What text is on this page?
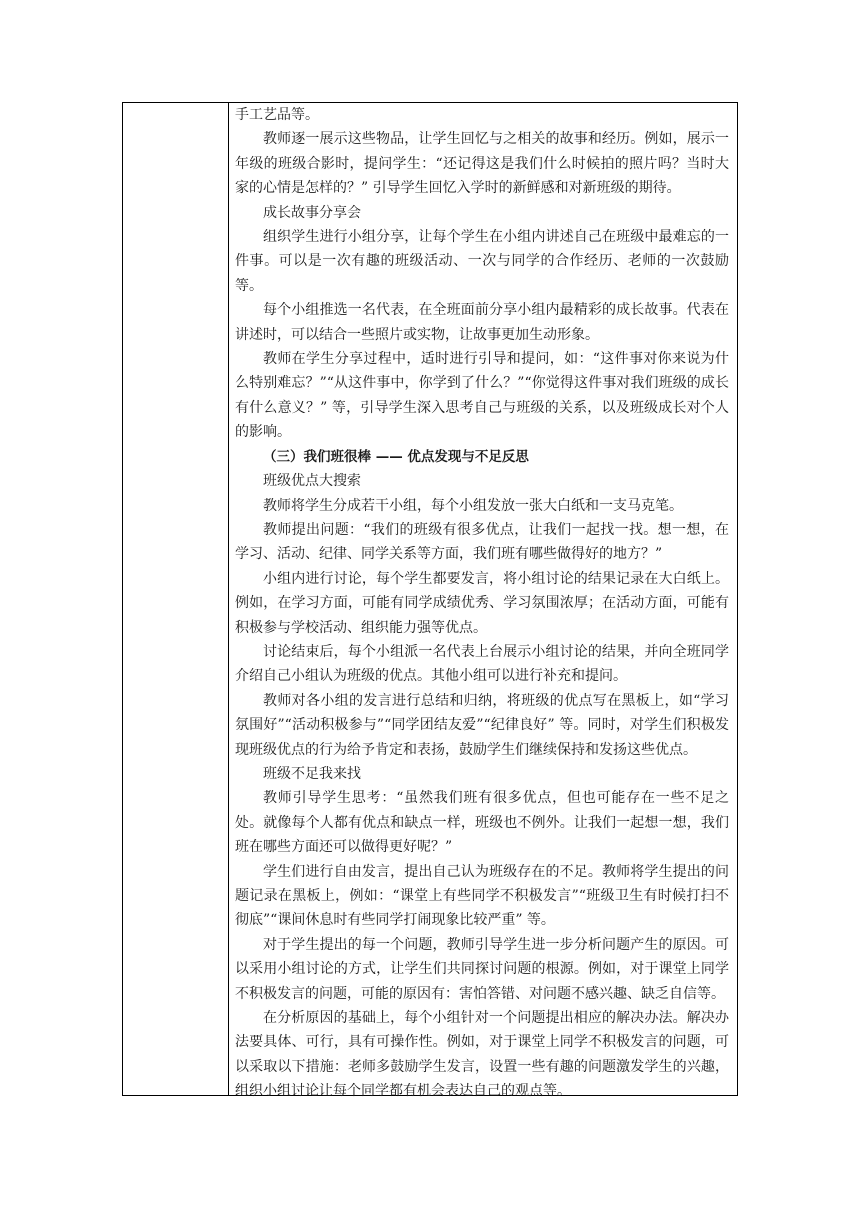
手工艺品等。

教师逐一展示这些物品，让学生回忆与之相关的故事和经历。例如，展示一年级的班级合影时，提问学生：“还记得这是我们什么时候拍的照片吗？当时大家的心情是怎样的？” 引导学生回忆入学时的新鲜感和对新班级的期待。

成长故事分享会

组织学生进行小组分享，让每个学生在小组内讲述自己在班级中最难忘的一件事。可以是一次有趣的班级活动、一次与同学的合作经历、老师的一次鼓励等。

每个小组推选一名代表，在全班面前分享小组内最精彩的成长故事。代表在讲述时，可以结合一些照片或实物，让故事更加生动形象。

教师在学生分享过程中，适时进行引导和提问，如：“这件事对你来说为什么特别难忘？”“从这件事中，你学到了什么？”“你觉得这件事对我们班级的成长有什么意义？” 等，引导学生深入思考自己与班级的关系，以及班级成长对个人的影响。

（三）我们班很棒 —— 优点发现与不足反思

班级优点大搜索

教师将学生分成若干小组，每个小组发放一张大白纸和一支马克笔。

教师提出问题：“我们的班级有很多优点，让我们一起找一找。想一想，在学习、活动、纪律、同学关系等方面，我们班有哪些做得好的地方？”

小组内进行讨论，每个学生都要发言，将小组讨论的结果记录在大白纸上。例如，在学习方面，可能有同学成绩优秀、学习氛围浓厚；在活动方面，可能有积极参与学校活动、组织能力强等优点。

讨论结束后，每个小组派一名代表上台展示小组讨论的结果，并向全班同学介绍自己小组认为班级的优点。其他小组可以进行补充和提问。

教师对各小组的发言进行总结和归纳，将班级的优点写在黑板上，如“学习氛围好”“活动积极参与”“同学团结友爱”“纪律良好” 等。同时，对学生们积极发现班级优点的行为给予肯定和表扬，鼓励学生们继续保持和发扬这些优点。

班级不足我来找

教师引导学生思考：“虽然我们班有很多优点，但也可能存在一些不足之处。就像每个人都有优点和缺点一样，班级也不例外。让我们一起想一想，我们班在哪些方面还可以做得更好呢？”

学生们进行自由发言，提出自己认为班级存在的不足。教师将学生提出的问题记录在黑板上，例如：“课堂上有些同学不积极发言”“班级卫生有时候打扫不彻底”“课间休息时有些同学打闹现象比较严重” 等。

对于学生提出的每一个问题，教师引导学生进一步分析问题产生的原因。可以采用小组讨论的方式，让学生们共同探讨问题的根源。例如，对于课堂上同学不积极发言的问题，可能的原因有：害怕答错、对问题不感兴趣、缺乏自信等。

在分析原因的基础上，每个小组针对一个问题提出相应的解决办法。解决办法要具体、可行，具有可操作性。例如，对于课堂上同学不积极发言的问题，可以采取以下措施：老师多鼓励学生发言，设置一些有趣的问题激发学生的兴趣，组织小组讨论让每个同学都有机会表达自己的观点等。
